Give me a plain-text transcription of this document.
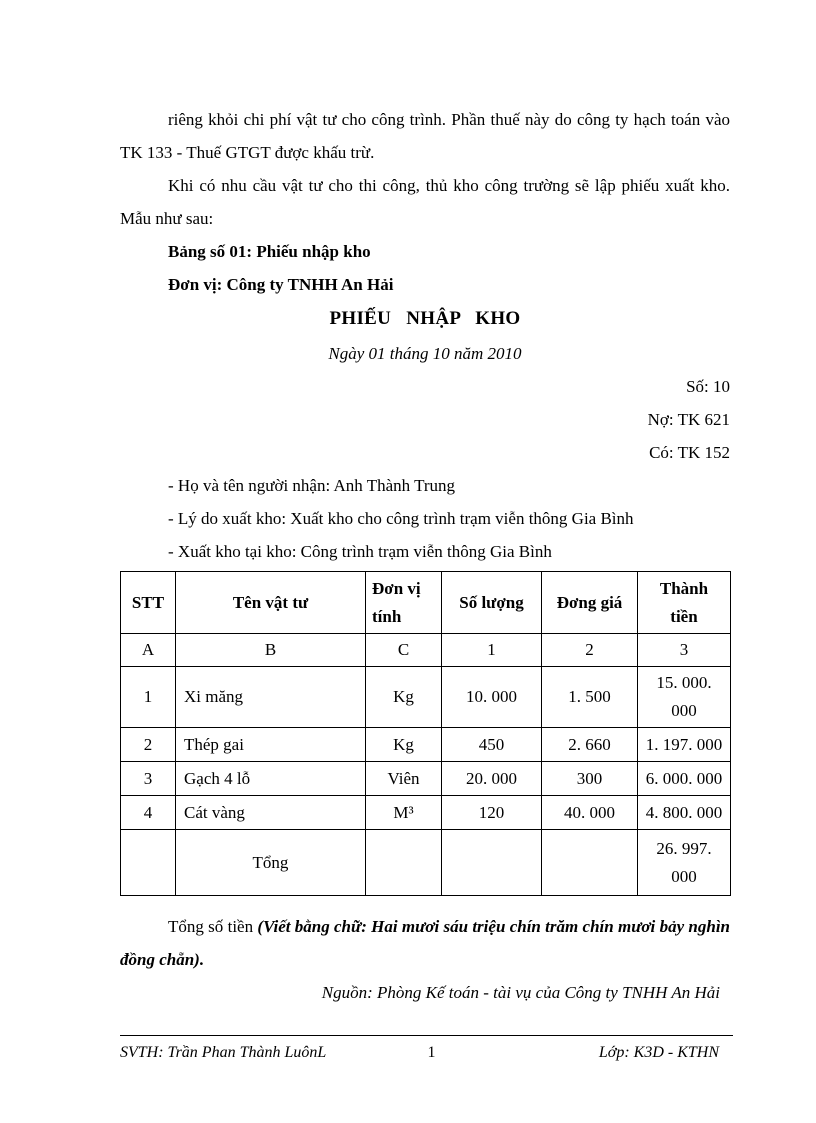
riêng khỏi chi phí vật tư cho công trình. Phần thuế này do công ty hạch toán vào TK 133 - Thuế GTGT được khấu trừ.

Khi có nhu cầu vật tư cho thi công, thủ kho công trường sẽ lập phiếu xuất kho. Mẫu như sau:

Bảng số 01: Phiếu nhập kho

Đơn vị: Công ty TNHH An Hải

PHIẾU NHẬP KHO

Ngày 01 tháng 10 năm 2010

Số: 10

Nợ: TK 621

Có: TK 152

- Họ và tên người nhận: Anh Thành Trung

- Lý do xuất kho: Xuất kho cho công trình trạm viễn thông Gia Bình

- Xuất kho tại kho: Công trình trạm viễn thông Gia Bình

STT	Tên vật tư	Đơn vị tính	Số lượng	Đơng giá	Thành tiền
A	B	C	1	2	3
1	Xi măng	Kg	10. 000	1. 500	15. 000. 000
2	Thép gai	Kg	450	2. 660	1. 197. 000
3	Gạch 4 lỗ	Viên	20. 000	300	6. 000. 000
4	Cát vàng	M³	120	40. 000	4. 800. 000
	Tổng				26. 997. 000

Tổng số tiền (Viết bằng chữ: Hai mươi sáu triệu chín trăm chín mươi bảy nghìn đồng chẵn).

Nguồn: Phòng Kế toán - tài vụ của Công ty TNHH An Hải

SVTH: Trần Phan Thành LuônL	1	Lớp: K3D - KTHN
